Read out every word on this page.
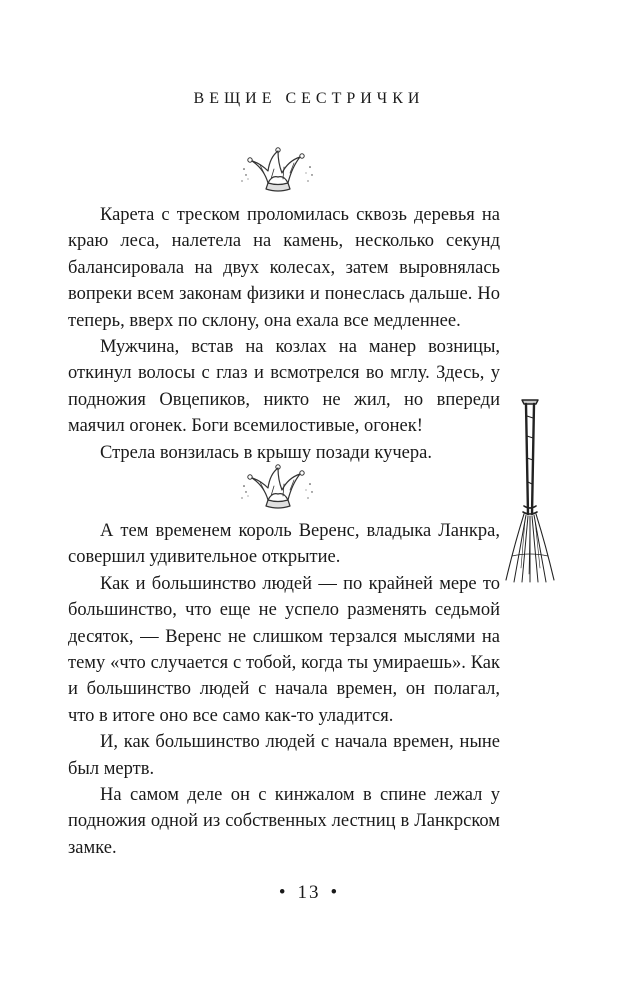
ВЕЩИЕ СЕСТРИЧКИ

Карета с треском проломилась сквозь деревья на краю леса, налетела на камень, несколько секунд балансировала на двух колесах, затем выровнялась вопреки всем законам физики и понеслась дальше. Но теперь, вверх по склону, она ехала все медленнее.

Мужчина, встав на козлах на манер возницы, откинул волосы с глаз и всмотрелся во мглу. Здесь, у подножия Овцепиков, никто не жил, но впереди маячил огонек. Боги всемилостивые, огонек!

Стрела вонзилась в крышу позади кучера.

А тем временем король Веренс, владыка Ланкра, совершил удивительное открытие.

Как и большинство людей — по крайней мере то большинство, что еще не успело разменять седьмой десяток, — Веренс не слишком терзался мыслями на тему «что случается с тобой, когда ты умираешь». Как и большинство людей с начала времен, он полагал, что в итоге оно все само как-то уладится.

И, как большинство людей с начала времен, ныне был мертв.

На самом деле он с кинжалом в спине лежал у подножия одной из собственных лестниц в Ланкрском замке.

• 13 •
